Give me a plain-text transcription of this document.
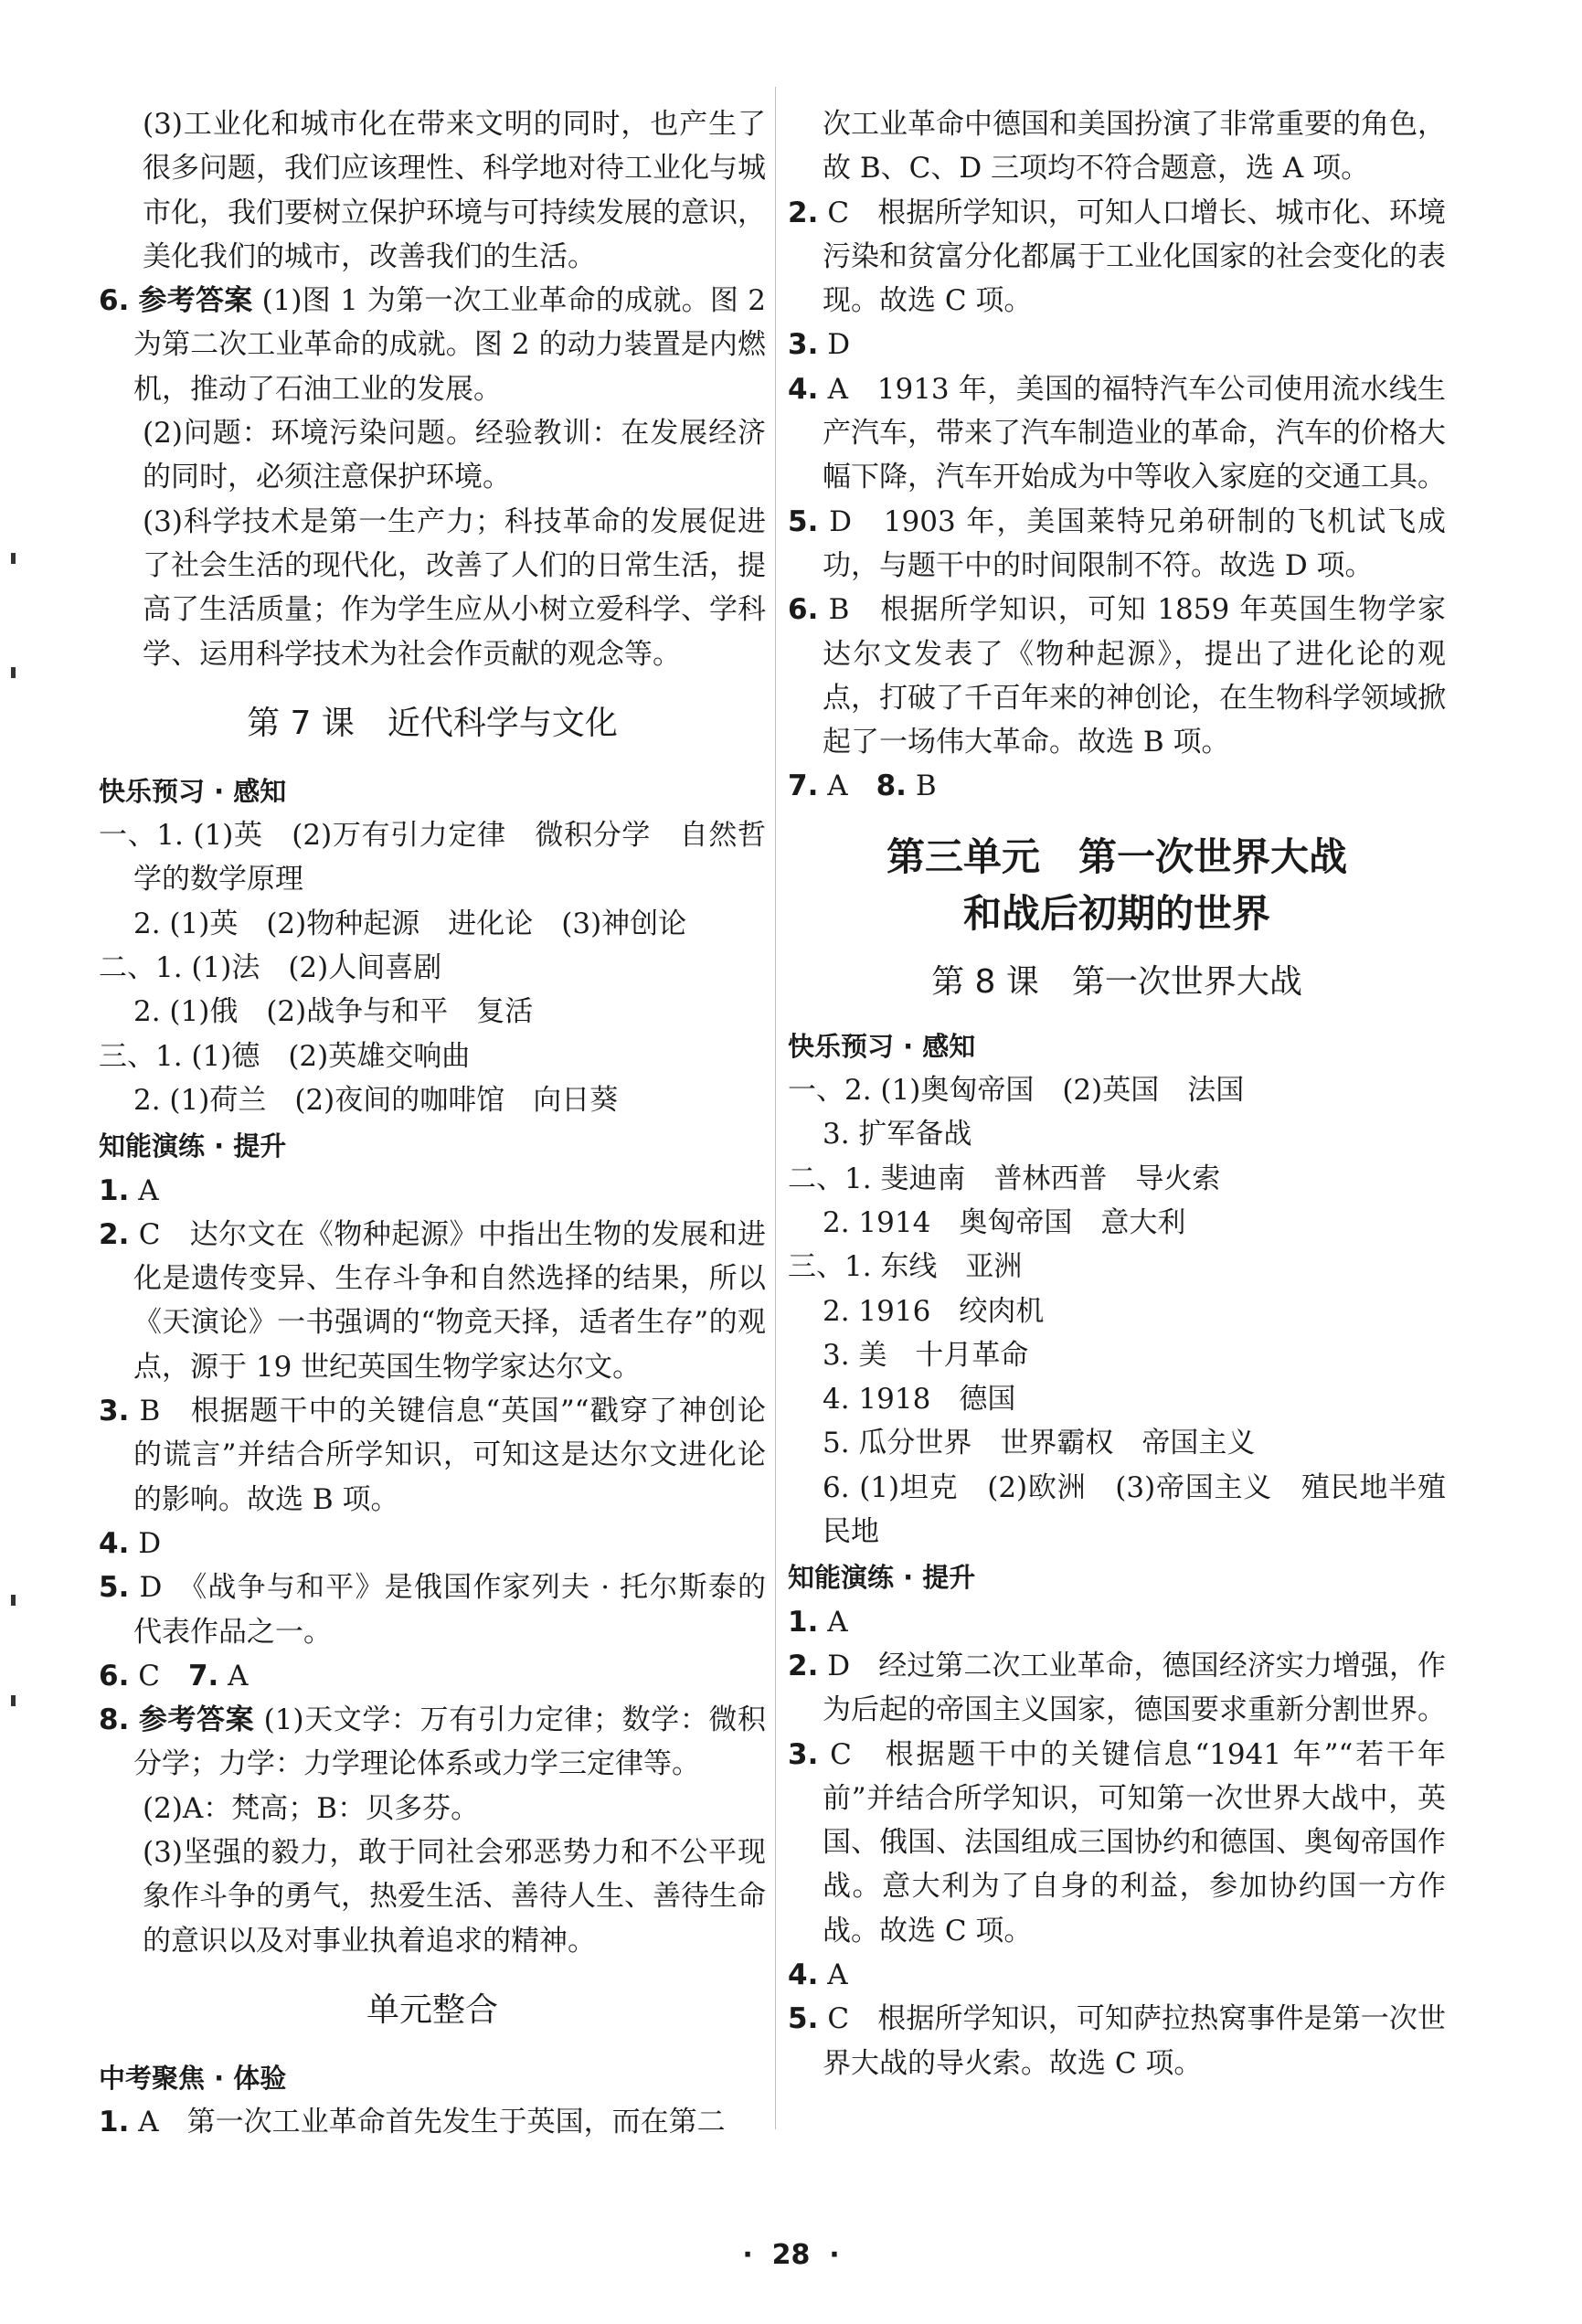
(3)工业化和城市化在带来文明的同时，也产生了很多问题，我们应该理性、科学地对待工业化与城市化，我们要树立保护环境与可持续发展的意识，美化我们的城市，改善我们的生活。

6. 参考答案 (1)图 1 为第一次工业革命的成就。图 2 为第二次工业革命的成就。图 2 的动力装置是内燃机，推动了石油工业的发展。

(2)问题：环境污染问题。经验教训：在发展经济的同时，必须注意保护环境。

(3)科学技术是第一生产力；科技革命的发展促进了社会生活的现代化，改善了人们的日常生活，提高了生活质量；作为学生应从小树立爱科学、学科学、运用科学技术为社会作贡献的观念等。

第 7 课　近代科学与文化

快乐预习 · 感知

一、1. (1)英　(2)万有引力定律　微积分学　自然哲学的数学原理

2. (1)英　(2)物种起源　进化论　(3)神创论

二、1. (1)法　(2)人间喜剧

2. (1)俄　(2)战争与和平　复活

三、1. (1)德　(2)英雄交响曲

2. (1)荷兰　(2)夜间的咖啡馆　向日葵

知能演练 · 提升

1. A

2. C　达尔文在《物种起源》中指出生物的发展和进化是遗传变异、生存斗争和自然选择的结果，所以《天演论》一书强调的“物竞天择，适者生存”的观点，源于 19 世纪英国生物学家达尔文。

3. B　根据题干中的关键信息“英国”“戳穿了神创论的谎言”并结合所学知识，可知这是达尔文进化论的影响。故选 B 项。

4. D

5. D　《战争与和平》是俄国作家列夫 · 托尔斯泰的代表作品之一。

6. C　 7. A

8. 参考答案 (1)天文学：万有引力定律；数学：微积分学；力学：力学理论体系或力学三定律等。

(2)A：梵高；B：贝多芬。

(3)坚强的毅力，敢于同社会邪恶势力和不公平现象作斗争的勇气，热爱生活、善待人生、善待生命的意识以及对事业执着追求的精神。

单元整合

中考聚焦 · 体验

1. A　第一次工业革命首先发生于英国，而在第二

次工业革命中德国和美国扮演了非常重要的角色，故 B、C、D 三项均不符合题意，选 A 项。

2. C　根据所学知识，可知人口增长、城市化、环境污染和贫富分化都属于工业化国家的社会变化的表现。故选 C 项。

3. D

4. A　1913 年，美国的福特汽车公司使用流水线生产汽车，带来了汽车制造业的革命，汽车的价格大幅下降，汽车开始成为中等收入家庭的交通工具。

5. D　1903 年，美国莱特兄弟研制的飞机试飞成功，与题干中的时间限制不符。故选 D 项。

6. B　根据所学知识，可知 1859 年英国生物学家达尔文发表了《物种起源》，提出了进化论的观点，打破了千百年来的神创论，在生物科学领域掀起了一场伟大革命。故选 B 项。

7. A　 8. B

第三单元　第一次世界大战
和战后初期的世界
第 8 课　第一次世界大战

快乐预习 · 感知

一、2. (1)奥匈帝国　(2)英国　法国

3. 扩军备战

二、1. 斐迪南　普林西普　导火索

2. 1914　奥匈帝国　意大利

三、1. 东线　亚洲

2. 1916　绞肉机

3. 美　十月革命

4. 1918　德国

5. 瓜分世界　世界霸权　帝国主义

6. (1)坦克　(2)欧洲　(3)帝国主义　殖民地半殖民地

知能演练 · 提升

1. A

2. D　经过第二次工业革命，德国经济实力增强，作为后起的帝国主义国家，德国要求重新分割世界。

3. C　根据题干中的关键信息“1941 年”“若干年前”并结合所学知识，可知第一次世界大战中，英国、俄国、法国组成三国协约和德国、奥匈帝国作战。意大利为了自身的利益，参加协约国一方作战。故选 C 项。

4. A

5. C　根据所学知识，可知萨拉热窝事件是第一次世界大战的导火索。故选 C 项。

·  28  ·
